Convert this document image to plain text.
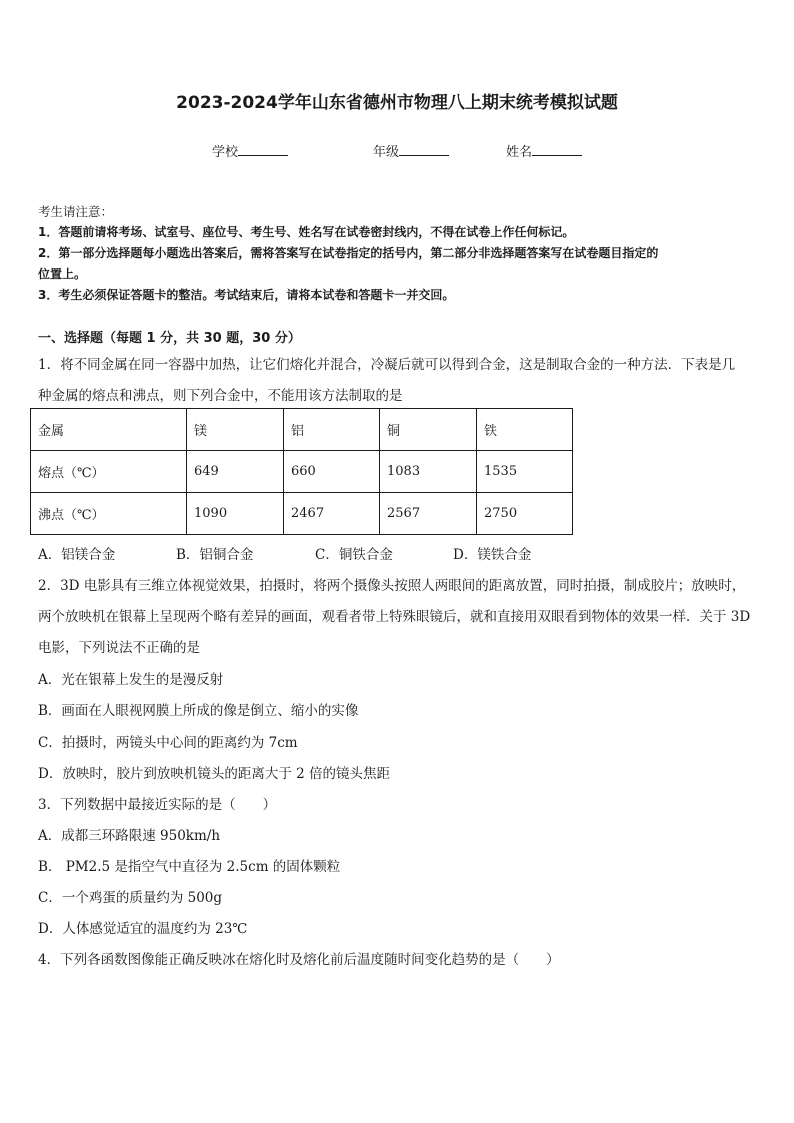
2023-2024学年山东省德州市物理八上期末统考模拟试题
学校	年级	姓名
考生请注意：
1．答题前请将考场、试室号、座位号、考生号、姓名写在试卷密封线内，不得在试卷上作任何标记。
2．第一部分选择题每小题选出答案后，需将答案写在试卷指定的括号内，第二部分非选择题答案写在试卷题目指定的
位置上。
3．考生必须保证答题卡的整洁。考试结束后，请将本试卷和答题卡一并交回。
一、选择题（每题 1 分，共 30 题，30 分）
1．将不同金属在同一容器中加热，让它们熔化并混合，冷凝后就可以得到合金，这是制取合金的一种方法．下表是几
种金属的熔点和沸点，则下列合金中，不能用该方法制取的是
金属	镁	铝	铜	铁
熔点（℃）	649	660	1083	1535
沸点（℃）	1090	2467	2567	2750
A．铝镁合金	B．铝铜合金	C．铜铁合金	D．镁铁合金
2．3D 电影具有三维立体视觉效果，拍摄时，将两个摄像头按照人两眼间的距离放置，同时拍摄，制成胶片；放映时，
两个放映机在银幕上呈现两个略有差异的画面，观看者带上特殊眼镜后，就和直接用双眼看到物体的效果一样．关于 3D
电影，下列说法不正确的是
A．光在银幕上发生的是漫反射
B．画面在人眼视网膜上所成的像是倒立、缩小的实像
C．拍摄时，两镜头中心间的距离约为 7cm
D．放映时，胶片到放映机镜头的距离大于 2 倍的镜头焦距
3．下列数据中最接近实际的是（　　）
A．成都三环路限速 950km/h
B． PM2.5 是指空气中直径为 2.5cm 的固体颗粒
C．一个鸡蛋的质量约为 500g
D．人体感觉适宜的温度约为 23℃
4．下列各函数图像能正确反映冰在熔化时及熔化前后温度随时间变化趋势的是（　　）
